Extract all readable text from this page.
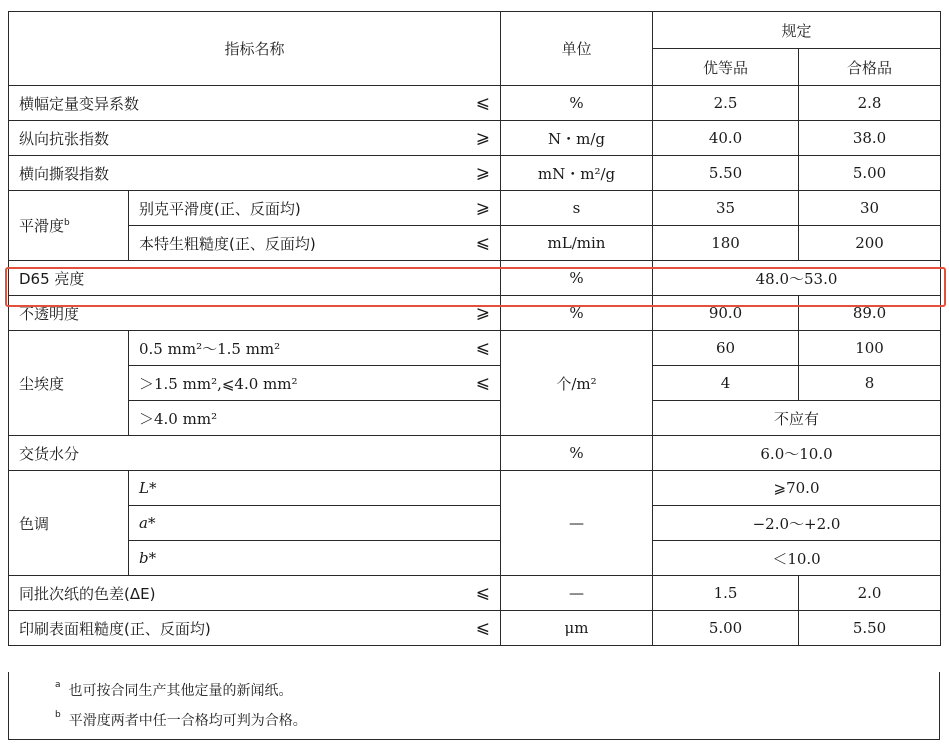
指标名称			单位	规定	
				优等品	合格品
横幅定量变异系数		⩽	%	2.5	2.8
纵向抗张指数		⩾	N・m/g	40.0	38.0
横向撕裂指数		⩾	mN・m²/g	5.50	5.00
平滑度$^b$	别克平滑度(正、反面均)	⩾	s	35	30
	本特生粗糙度(正、反面均)	⩽	mL/min	180	200
D65 亮度			%	48.0～53.0	
不透明度		⩾	%	90.0	89.0
尘埃度	0.5 mm²～1.5 mm²	⩽	个/m²	60	100
	＞1.5 mm²,⩽4.0 mm²	⩽		4	8
	＞4.0 mm²			不应有	
交货水分			%	6.0～10.0	
色调	L*		—	⩾70.0	
	a*			−2.0～+2.0	
	b*			＜10.0	
同批次纸的色差(ΔE)		⩽	—	1.5	2.0
印刷表面粗糙度(正、反面均)		⩽	μm	5.00	5.50
$^a$ 也可按合同生产其他定量的新闻纸。
$^b$ 平滑度两者中任一合格均可判为合格。
